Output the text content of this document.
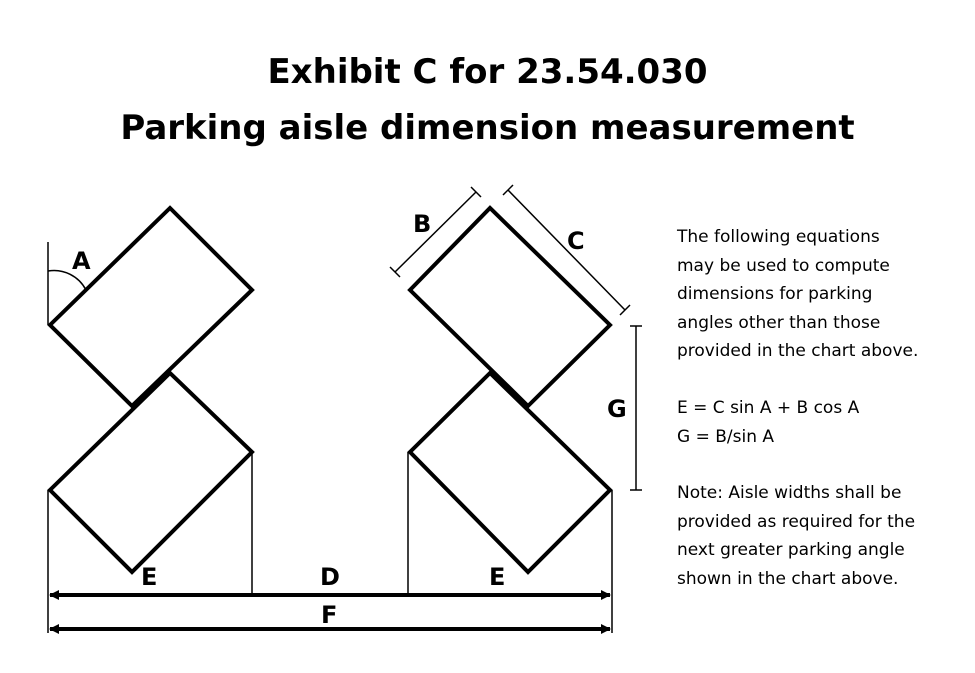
Exhibit C for 23.54.030
Parking aisle dimension measurement
A
B
C
G
E	D	E
F

The following equations
may be used to compute
dimensions for parking
angles other than those
provided in the chart above.

E = C sin A + B cos A
G = B/sin A

Note: Aisle widths shall be
provided as required for the
next greater parking angle
shown in the chart above.
